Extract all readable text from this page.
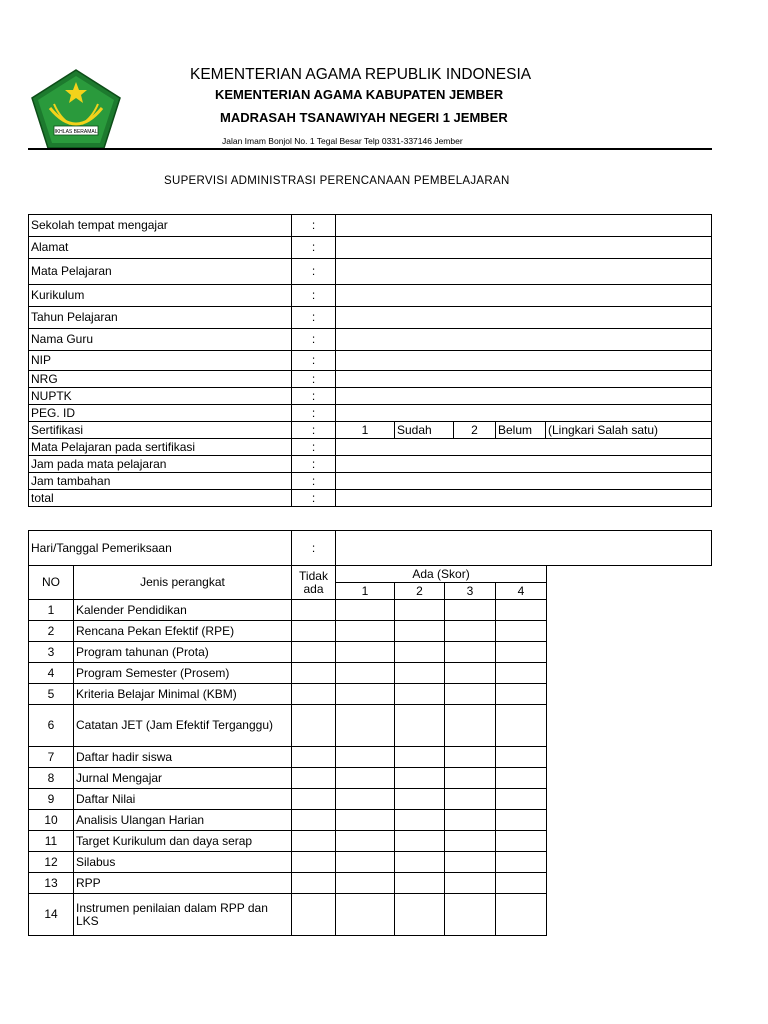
IKHLAS BERAMAL
KEMENTERIAN AGAMA REPUBLIK INDONESIA
KEMENTERIAN AGAMA KABUPATEN JEMBER
MADRASAH TSANAWIYAH NEGERI 1 JEMBER
Jalan Imam Bonjol No. 1 Tegal Besar Telp 0331-337146 Jember
SUPERVISI ADMINISTRASI PERENCANAAN PEMBELAJARAN
Sekolah tempat mengajar	:					
Alamat	:					
Mata Pelajaran	:					
Kurikulum	:					
Tahun Pelajaran	:					
Nama Guru	:					
NIP	:					
NRG	:					
NUPTK	:					
PEG. ID	:					
Sertifikasi	:	1	Sudah	2	Belum	(Lingkari Salah satu)
Mata Pelajaran pada sertifikasi	:					
Jam pada mata pelajaran	:					
Jam tambahan	:					
total	:					
Hari/Tanggal Pemeriksaan	:	
NO	Jenis perangkat	Tidak ada	Ada (Skor)			
			1	2	3	4
1	Kalender Pendidikan					
2	Rencana Pekan Efektif (RPE)					
3	Program tahunan (Prota)					
4	Program Semester (Prosem)					
5	Kriteria Belajar Minimal (KBM)					
6	Catatan JET (Jam Efektif Terganggu)					
7	Daftar hadir siswa					
8	Jurnal Mengajar					
9	Daftar Nilai					
10	Analisis Ulangan Harian					
11	Target Kurikulum dan daya serap					
12	Silabus					
13	RPP					
14	Instrumen penilaian dalam RPP dan LKS					
